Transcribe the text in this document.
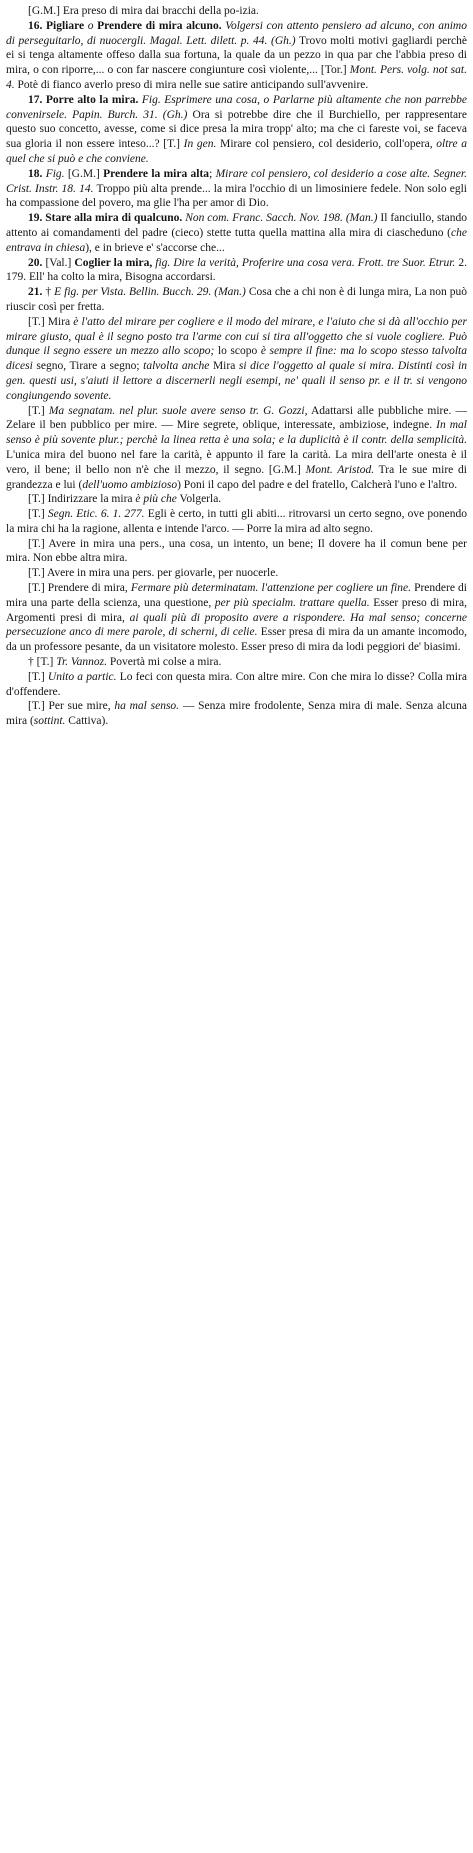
[G.M.] Era preso di mira dai bracchi della po-izia.

16. Pigliare o Prendere di mira alcuno. Volgersi con attento pensiero ad alcuno, con animo di perseguitarlo, di nuocergli. Magal. Lett. dilett. p. 44. (Gh.) Trovo molti motivi gagliardi perchè ei si tenga altamente offeso dalla sua fortuna, la quale da un pezzo in qua par che l'abbia preso di mira, o con riporre,... o con far nascere congiunture così violente,... [Tor.] Mont. Pers. volg. not sat. 4. Potè di fianco averlo preso di mira nelle sue satire anticipando sull'avvenire.

17. Porre alto la mira. Fig. Esprimere una cosa, o Parlarne più altamente che non parrebbe convenirsele. Papin. Burch. 31. (Gh.) Ora si potrebbe dire che il Burchiello, per rappresentare questo suo concetto, avesse, come si dice presa la mira tropp' alto; ma che ci fareste voi, se faceva sua gloria il non essere inteso...? [T.] In gen. Mirare col pensiero, col desiderio, coll'opera, oltre a quel che si può e che conviene.

18. Fig. [G.M.] Prendere la mira alta; Mirare col pensiero, col desiderio a cose alte. Segner. Crist. Instr. 18. 14. Troppo più alta prende... la mira l'occhio di un limosiniere fedele. Non solo egli ha compassione del povero, ma glie l'ha per amor di Dio.

19. Stare alla mira di qualcuno. Non com. Franc. Sacch. Nov. 198. (Man.) Il fanciullo, stando attento ai comandamenti del padre (cieco) stette tutta quella mattina alla mira di ciascheduno (che entrava in chiesa), e in brieve e' s'accorse che...

20. [Val.] Coglier la mira, fig. Dire la verità, Proferire una cosa vera. Frott. tre Suor. Etrur. 2. 179. Ell' ha colto la mira, Bisogna accordarsi.

21. † E fig. per Vista. Bellin. Bucch. 29. (Man.) Cosa che a chi non è di lunga mira, La non può riuscir così per fretta.

[T.] Mira è l'atto del mirare per cogliere e il modo del mirare, e l'aiuto che si dà all'occhio per mirare giusto, qual è il segno posto tra l'arme con cui si tira all'oggetto che si vuole cogliere. Può dunque il segno essere un mezzo allo scopo; lo scopo è sempre il fine: ma lo scopo stesso talvolta dicesi segno, Tirare a segno; talvolta anche Mira si dice l'oggetto al quale si mira. Distinti così in gen. questi usi, s'aiuti il lettore a discernerli negli esempi, ne' quali il senso pr. e il tr. si vengono congiungendo sovente.

[T.] Ma segnatam. nel plur. suole avere senso tr. G. Gozzi, Adattarsi alle pubbliche mire. — Zelare il ben pubblico per mire. — Mire segrete, oblique, interessate, ambiziose, indegne. In mal senso è più sovente plur.; perchè la linea retta è una sola; e la duplicità è il contr. della semplicità. L'unica mira del buono nel fare la carità, è appunto il fare la carità. La mira dell'arte onesta è il vero, il bene; il bello non n'è che il mezzo, il segno. [G.M.] Mont. Aristod. Tra le sue mire di grandezza e lui (dell'uomo ambizioso) Poni il capo del padre e del fratello, Calcherà l'uno e l'altro.

[T.] Indirizzare la mira è più che Volgerla.

[T.] Segn. Etic. 6. 1. 277. Egli è certo, in tutti gli abiti... ritrovarsi un certo segno, ove ponendo la mira chi ha la ragione, allenta e intende l'arco. — Porre la mira ad alto segno.

[T.] Avere in mira una pers., una cosa, un intento, un bene; Il dovere ha il comun bene per mira. Non ebbe altra mira.

[T.] Avere in mira una pers. per giovarle, per nuocerle.

[T.] Prendere di mira, Fermare più determinatam. l'attenzione per cogliere un fine. Prendere di mira una parte della scienza, una questione, per più specialm. trattare quella. Esser preso di mira, Argomenti presi di mira, ai quali più di proposito avere a rispondere. Ha mal senso; concerne persecuzione anco di mere parole, di scherni, di celie. Esser presa di mira da un amante incomodo, da un professore pesante, da un visitatore molesto. Esser preso di mira da lodi peggiori de' biasimi.

† [T.] Tr. Vannoz. Povertà mi colse a mira.

[T.] Unito a partic. Lo feci con questa mira. Con altre mire. Con che mira lo disse? Colla mira d'offendere.

[T.] Per sue mire, ha mal senso. — Senza mire frodolente, Senza mira di male. Senza alcuna mira (sottint. Cattiva).
